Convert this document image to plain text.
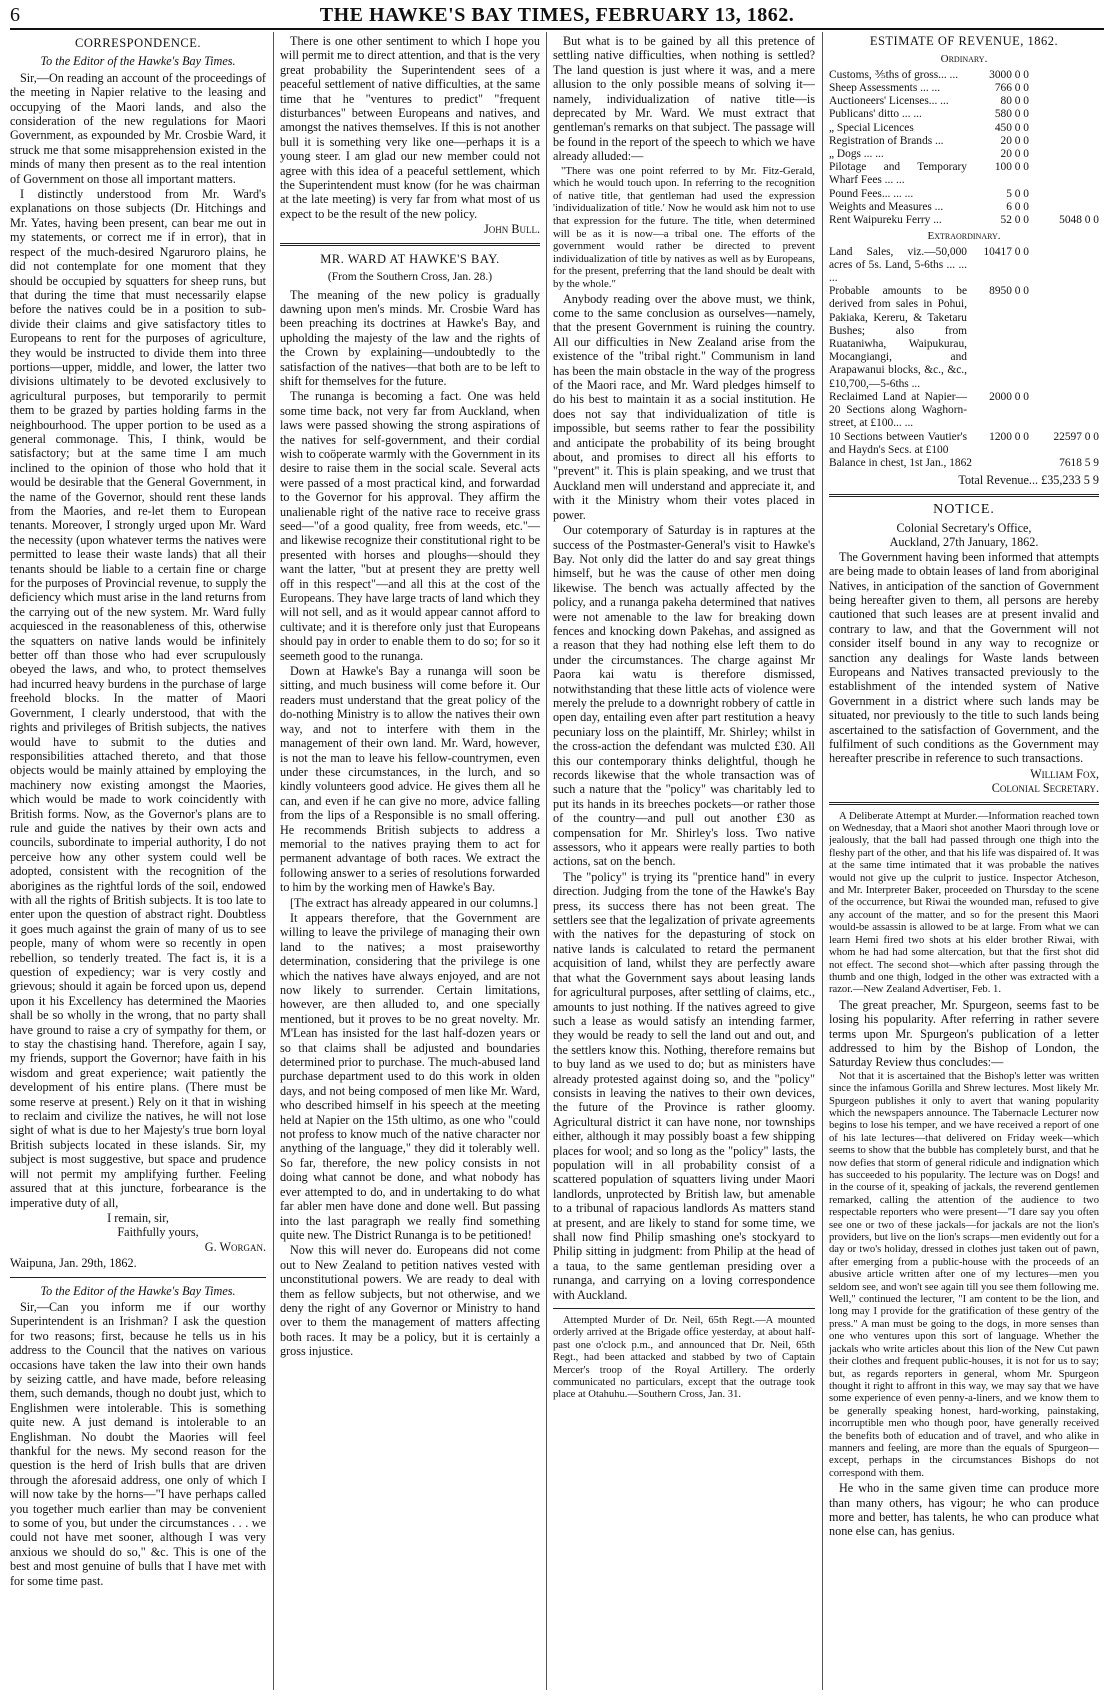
6	THE HAWKE'S BAY TIMES, FEBRUARY 13, 1862.
CORRESPONDENCE.
To the Editor of the Hawke's Bay Times.

Sir,—On reading an account of the proceedings of the meeting in Napier relative to the leasing and occupying of the Maori lands, and also the consideration of the new regulations for Maori Government, as expounded by Mr. Crosbie Ward, it struck me that some misapprehension existed in the minds of many then present as to the real intention of Government on those all important matters.

I distinctly understood from Mr. Ward's explanations on those subjects (Dr. Hitchings and Mr. Yates, having been present, can bear me out in my statements, or correct me if in error), that in respect of the much-desired Ngaruroro plains, he did not contemplate for one moment that they should be occupied by squatters for sheep runs, but that during the time that must necessarily elapse before the natives could be in a position to sub-divide their claims and give satisfactory titles to Europeans to rent for the purposes of agriculture, they would be instructed to divide them into three portions—upper, middle, and lower, the latter two divisions ultimately to be devoted exclusively to agricultural purposes, but temporarily to permit them to be grazed by parties holding farms in the neighbourhood. The upper portion to be used as a general commonage. This, I think, would be satisfactory; but at the same time I am much inclined to the opinion of those who hold that it would be desirable that the General Government, in the name of the Governor, should rent these lands from the Maories, and re-let them to European tenants. Moreover, I strongly urged upon Mr. Ward the necessity (upon whatever terms the natives were permitted to lease their waste lands) that all their tenants should be liable to a certain fine or charge for the purposes of Provincial revenue, to supply the deficiency which must arise in the land returns from the carrying out of the new system. Mr. Ward fully acquiesced in the reasonableness of this, otherwise the squatters on native lands would be infinitely better off than those who had ever scrupulously obeyed the laws, and who, to protect themselves had incurred heavy burdens in the purchase of large freehold blocks. In the matter of Maori Government, I clearly understood, that with the rights and privileges of British subjects, the natives would have to submit to the duties and responsibilities attached thereto, and that those objects would be mainly attained by employing the machinery now existing amongst the Maories, which would be made to work coincidently with British forms. Now, as the Governor's plans are to rule and guide the natives by their own acts and councils, subordinate to imperial authority, I do not perceive how any other system could well be adopted, consistent with the recognition of the aborigines as the rightful lords of the soil, endowed with all the rights of British subjects. It is too late to enter upon the question of abstract right. Doubtless it goes much against the grain of many of us to see people, many of whom were so recently in open rebellion, so tenderly treated. The fact is, it is a question of expediency; war is very costly and grievous; should it again be forced upon us, depend upon it his Excellency has determined the Maories shall be so wholly in the wrong, that no party shall have ground to raise a cry of sympathy for them, or to stay the chastising hand. Therefore, again I say, my friends, support the Governor; have faith in his wisdom and great experience; wait patiently the development of his entire plans. (There must be some reserve at present.) Rely on it that in wishing to reclaim and civilize the natives, he will not lose sight of what is due to her Majesty's true born loyal British subjects located in these islands. Sir, my subject is most suggestive, but space and prudence will not permit my amplifying further. Feeling assured that at this juncture, forbearance is the imperative duty of all,

I remain, sir,
Faithfully yours,
G. Worgan.

Waipuna, Jan. 29th, 1862.

To the Editor of the Hawke's Bay Times.

Sir,—Can you inform me if our worthy Superintendent is an Irishman? I ask the question for two reasons; first, because he tells us in his address to the Council that the natives on various occasions have taken the law into their own hands by seizing cattle, and have made, before releasing them, such demands, though no doubt just, which to Englishmen were intolerable. This is something quite new. A just demand is intolerable to an Englishman. No doubt the Maories will feel thankful for the news. My second reason for the question is the herd of Irish bulls that are driven through the aforesaid address, one only of which I will now take by the horns—"I have perhaps called you together much earlier than may be convenient to some of you, but under the circumstances . . . we could not have met sooner, although I was very anxious we should do so," &c. This is one of the best and most genuine of bulls that I have met with for some time past.

There is one other sentiment to which I hope you will permit me to direct attention, and that is the very great probability the Superintendent sees of a peaceful settlement of native difficulties, at the same time that he "ventures to predict" "frequent disturbances" between Europeans and natives, and amongst the natives themselves. If this is not another bull it is something very like one—perhaps it is a young steer. I am glad our new member could not agree with this idea of a peaceful settlement, which the Superintendent must know (for he was chairman at the late meeting) is very far from what most of us expect to be the result of the new policy.

John Bull.
MR. WARD AT HAWKE'S BAY.
(From the Southern Cross, Jan. 28.)

The meaning of the new policy is gradually dawning upon men's minds. Mr. Crosbie Ward has been preaching its doctrines at Hawke's Bay, and upholding the majesty of the law and the rights of the Crown by explaining—undoubtedly to the satisfaction of the natives—that both are to be left to shift for themselves for the future.

The runanga is becoming a fact. One was held some time back, not very far from Auckland, when laws were passed showing the strong aspirations of the natives for self-government, and their cordial wish to coöperate warmly with the Government in its desire to raise them in the social scale. Several acts were passed of a most practical kind, and forwardad to the Governor for his approval. They affirm the unalienable right of the native race to receive grass seed—"of a good quality, free from weeds, etc."—and likewise recognize their constitutional right to be presented with horses and ploughs—should they want the latter, "but at present they are pretty well off in this respect"—and all this at the cost of the Europeans. They have large tracts of land which they will not sell, and as it would appear cannot afford to cultivate; and it is therefore only just that Europeans should pay in order to enable them to do so; for so it seemeth good to the runanga.

Down at Hawke's Bay a runanga will soon be sitting, and much business will come before it. Our readers must understand that the great policy of the do-nothing Ministry is to allow the natives their own way, and not to interfere with them in the management of their own land. Mr. Ward, however, is not the man to leave his fellow-countrymen, even under these circumstances, in the lurch, and so kindly volunteers good advice. He gives them all he can, and even if he can give no more, advice falling from the lips of a Responsible is no small offering. He recommends British subjects to address a memorial to the natives praying them to act for permanent advantage of both races. We extract the following answer to a series of resolutions forwarded to him by the working men of Hawke's Bay.

[The extract has already appeared in our columns.]

It appears therefore, that the Government are willing to leave the privilege of managing their own land to the natives; a most praiseworthy determination, considering that the privilege is one which the natives have always enjoyed, and are not now likely to surrender. Certain limitations, however, are then alluded to, and one specially mentioned, but it proves to be no great novelty. Mr. M'Lean has insisted for the last half-dozen years or so that claims shall be adjusted and boundaries determined prior to purchase. The much-abused land purchase department used to do this work in olden days, and not being composed of men like Mr. Ward, who described himself in his speech at the meeting held at Napier on the 15th ultimo, as one who "could not profess to know much of the native character nor anything of the language," they did it tolerably well. So far, therefore, the new policy consists in not doing what cannot be done, and what nobody has ever attempted to do, and in undertaking to do what far abler men have done and done well. But passing into the last paragraph we really find something quite new. The District Runanga is to be petitioned!

Now this will never do. Europeans did not come out to New Zealand to petition natives vested with unconstitutional powers. We are ready to deal with them as fellow subjects, but not otherwise, and we deny the right of any Governor or Ministry to hand over to them the management of matters affecting both races. It may be a policy, but it is certainly a gross injustice.

But what is to be gained by all this pretence of settling native difficulties, when nothing is settled? The land question is just where it was, and a mere allusion to the only possible means of solving it—namely, individualization of native title—is deprecated by Mr. Ward. We must extract that gentleman's remarks on that subject. The passage will be found in the report of the speech to which we have already alluded:—

"There was one point referred to by Mr. Fitz-Gerald, which he would touch upon. In referring to the recognition of native title, that gentleman had used the expression 'individualization of title.' Now he would ask him not to use that expression for the future. The title, when determined will be as it is now—a tribal one. The efforts of the government would rather be directed to prevent individualization of title by natives as well as by Europeans, for the present, preferring that the land should be dealt with by the whole."

Anybody reading over the above must, we think, come to the same conclusion as ourselves—namely, that the present Government is ruining the country. All our difficulties in New Zealand arise from the existence of the "tribal right." Communism in land has been the main obstacle in the way of the progress of the Maori race, and Mr. Ward pledges himself to do his best to maintain it as a social institution. He does not say that individualization of title is impossible, but seems rather to fear the possibility and anticipate the probability of its being brought about, and promises to direct all his efforts to "prevent" it. This is plain speaking, and we trust that Auckland men will understand and appreciate it, and with it the Ministry whom their votes placed in power.

Our cotemporary of Saturday is in raptures at the success of the Postmaster-General's visit to Hawke's Bay. Not only did the latter do and say great things himself, but he was the cause of other men doing likewise. The bench was actually affected by the policy, and a runanga pakeha determined that natives were not amenable to the law for breaking down fences and knocking down Pakehas, and assigned as a reason that they had nothing else left them to do under the circumstances. The charge against Mr Paora kai watu is therefore dismissed, notwithstanding that these little acts of violence were merely the prelude to a downright robbery of cattle in open day, entailing even after part restitution a heavy pecuniary loss on the plaintiff, Mr. Shirley; whilst in the cross-action the defendant was mulcted £30. All this our contemporary thinks delightful, though he records likewise that the whole transaction was of such a nature that the "policy" was charitably led to put its hands in its breeches pockets—or rather those of the country—and pull out another £30 as compensation for Mr. Shirley's loss. Two native assessors, who it appears were really parties to both actions, sat on the bench.

The "policy" is trying its "prentice hand" in every direction. Judging from the tone of the Hawke's Bay press, its success there has not been great. The settlers see that the legalization of private agreements with the natives for the depasturing of stock on native lands is calculated to retard the permanent acquisition of land, whilst they are perfectly aware that what the Government says about leasing lands for agricultural purposes, after settling of claims, etc., amounts to just nothing. If the natives agreed to give such a lease as would satisfy an intending farmer, they would be ready to sell the land out and out, and the settlers know this. Nothing, therefore remains but to buy land as we used to do; but as ministers have already protested against doing so, and the "policy" consists in leaving the natives to their own devices, the future of the Province is rather gloomy. Agricultural district it can have none, nor townships either, although it may possibly boast a few shipping places for wool; and so long as the "policy" lasts, the population will in all probability consist of a scattered population of squatters living under Maori landlords, unprotected by British law, but amenable to a tribunal of rapacious landlords As matters stand at present, and are likely to stand for some time, we shall now find Philip smashing one's stockyard to Philip sitting in judgment: from Philip at the head of a taua, to the same gentleman presiding over a runanga, and carrying on a loving correspondence with Auckland.

Attempted Murder of Dr. Neil, 65th Regt.—A mounted orderly arrived at the Brigade office yesterday, at about half-past one o'clock p.m., and announced that Dr. Neil, 65th Regt., had been attacked and stabbed by two of Captain Mercer's troop of the Royal Artillery. The orderly communicated no particulars, except that the outrage took place at Otahuhu.—Southern Cross, Jan. 31.

ESTIMATE OF REVENUE, 1862.
Ordinary.
Customs, ⅗ths of gross... ...	3000 0 0	
Sheep Assessments ... ...	766 0 0	
Auctioneers' Licenses... ...	80 0 0	
Publicans' ditto ... ...	580 0 0	
„ Special Licences	450 0 0	
Registration of Brands ...	20 0 0	
„ Dogs ... ...	20 0 0	
Pilotage and Temporary Wharf Fees ... ...	100 0 0	
Pound Fees... ... ...	5 0 0	
Weights and Measures ...	6 0 0	
Rent Waipureku Ferry ...	52 0 0	5048 0 0
Extraordinary.
Land Sales, viz.—50,000 acres of 5s. Land, 5-6ths ... ... ...	10417 0 0	
Probable amounts to be derived from sales in Pohui, Pakiaka, Kereru, & Taketaru Bushes; also from Ruataniwha, Waipukurau, Mocangiangi, and Arapawanui blocks, &c., &c., £10,700,—5-6ths ...	8950 0 0	
Reclaimed Land at Napier—20 Sections along Waghorn-street, at £100... ...	2000 0 0	
10 Sections between Vautier's and Haydn's Secs. at £100	1200 0 0	22597 0 0
Balance in chest, 1st Jan., 1862	7618 5 9
Total Revenue... £35,233 5 9
NOTICE.
Colonial Secretary's Office,
Auckland, 27th January, 1862.

The Government having been informed that attempts are being made to obtain leases of land from aboriginal Natives, in anticipation of the sanction of Government being hereafter given to them, all persons are hereby cautioned that such leases are at present invalid and contrary to law, and that the Government will not consider itself bound in any way to recognize or sanction any dealings for Waste lands between Europeans and Natives transacted previously to the establishment of the intended system of Native Government in a district where such lands may be situated, nor previously to the title to such lands being ascertained to the satisfaction of Government, and the fulfilment of such conditions as the Government may hereafter prescribe in reference to such transactions.

William Fox,
Colonial Secretary.

A Deliberate Attempt at Murder.—Information reached town on Wednesday, that a Maori shot another Maori through love or jealously, that the ball had passed through one thigh into the fleshy part of the other, and that his life was dispaired of. It was at the same time intimated that it was probable the natives would not give up the culprit to justice. Inspector Atcheson, and Mr. Interpreter Baker, proceeded on Thursday to the scene of the occurrence, but Riwai the wounded man, refused to give any account of the matter, and so for the present this Maori would-be assassin is allowed to be at large. From what we can learn Hemi fired two shots at his elder brother Riwai, with whom he had had some altercation, but that the first shot did not effect. The second shot—which after passing through the thumb and one thigh, lodged in the other was extracted with a razor.—New Zealand Advertiser, Feb. 1.

The great preacher, Mr. Spurgeon, seems fast to be losing his popularity. After referring in rather severe terms upon Mr. Spurgeon's publication of a letter addressed to him by the Bishop of London, the Saturday Review thus concludes:—

Not that it is ascertained that the Bishop's letter was written since the infamous Gorilla and Shrew lectures. Most likely Mr. Spurgeon publishes it only to avert that waning popularity which the newspapers announce. The Tabernacle Lecturer now begins to lose his temper, and we have received a report of one of his late lectures—that delivered on Friday week—which seems to show that the bubble has completely burst, and that he now defies that storm of general ridicule and indignation which has succeeded to his popularity. The lecture was on Dogs! and in the course of it, speaking of jackals, the reverend gentlemen remarked, calling the attention of the audience to two respectable reporters who were present—"I dare say you often see one or two of these jackals—for jackals are not the lion's providers, but live on the lion's scraps—men evidently out for a day or two's holiday, dressed in clothes just taken out of pawn, after emerging from a public-house with the proceeds of an abusive article written after one of my lectures—men you seldom see, and won't see again till you see them following me. Well," continued the lecturer, "I am content to be the lion, and long may I provide for the gratification of these gentry of the press." A man must be going to the dogs, in more senses than one who ventures upon this sort of language. Whether the jackals who write articles about this lion of the New Cut pawn their clothes and frequent public-houses, it is not for us to say; but, as regards reporters in general, whom Mr. Spurgeon thought it right to affront in this way, we may say that we have some experience of even penny-a-liners, and we know them to be generally speaking honest, hard-working, painstaking, incorruptible men who though poor, have generally received the benefits both of education and of travel, and who alike in manners and feeling, are more than the equals of Spurgeon—except, perhaps in the circumstances Bishops do not correspond with them.

He who in the same given time can produce more than many others, has vigour; he who can produce more and better, has talents, he who can produce what none else can, has genius.
